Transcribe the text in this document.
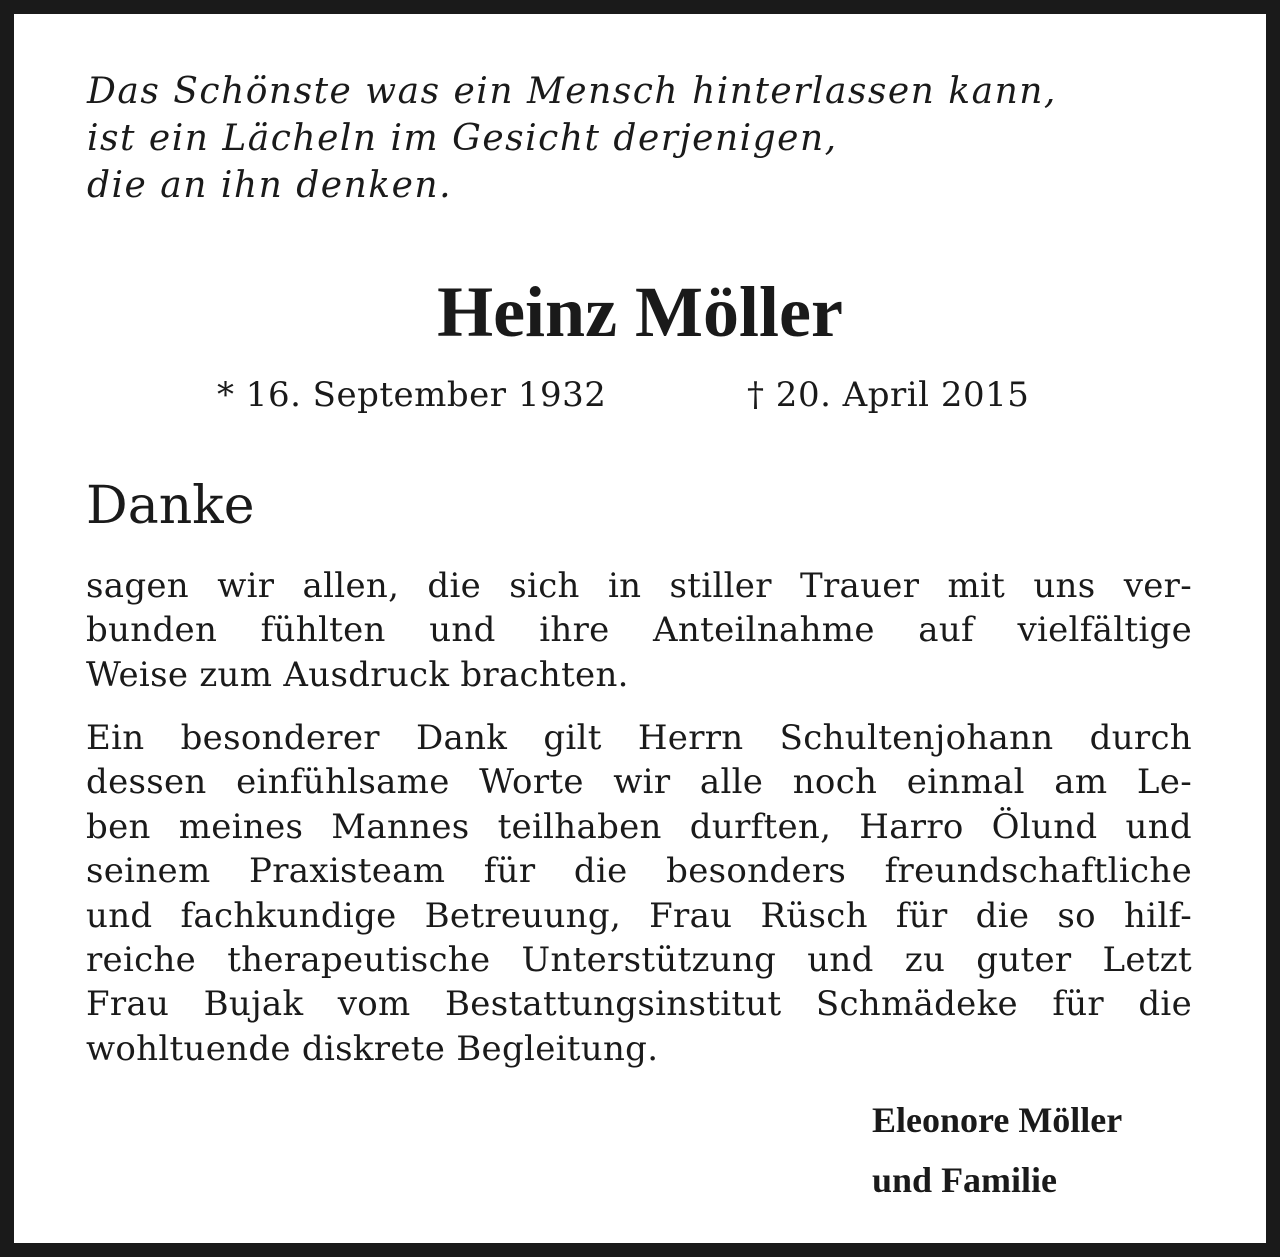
Das Schönste was ein Mensch hinterlassen kann,
ist ein Lächeln im Gesicht derjenigen,
die an ihn denken.

Heinz Möller
* 16. September 1932	† 20. April 2015
Danke

sagen wir allen, die sich in stiller Trauer mit uns ver-
bunden fühlten und ihre Anteilnahme auf vielfältige
Weise zum Ausdruck brachten.

Ein besonderer Dank gilt Herrn Schultenjohann durch
dessen einfühlsame Worte wir alle noch einmal am Le-
ben meines Mannes teilhaben durften, Harro Ölund und
seinem Praxisteam für die besonders freundschaftliche
und fachkundige Betreuung, Frau Rüsch für die so hilf-
reiche therapeutische Unterstützung und zu guter Letzt
Frau Bujak vom Bestattungsinstitut Schmädeke für die
wohltuende diskrete Begleitung.

Eleonore Möller
und Familie
